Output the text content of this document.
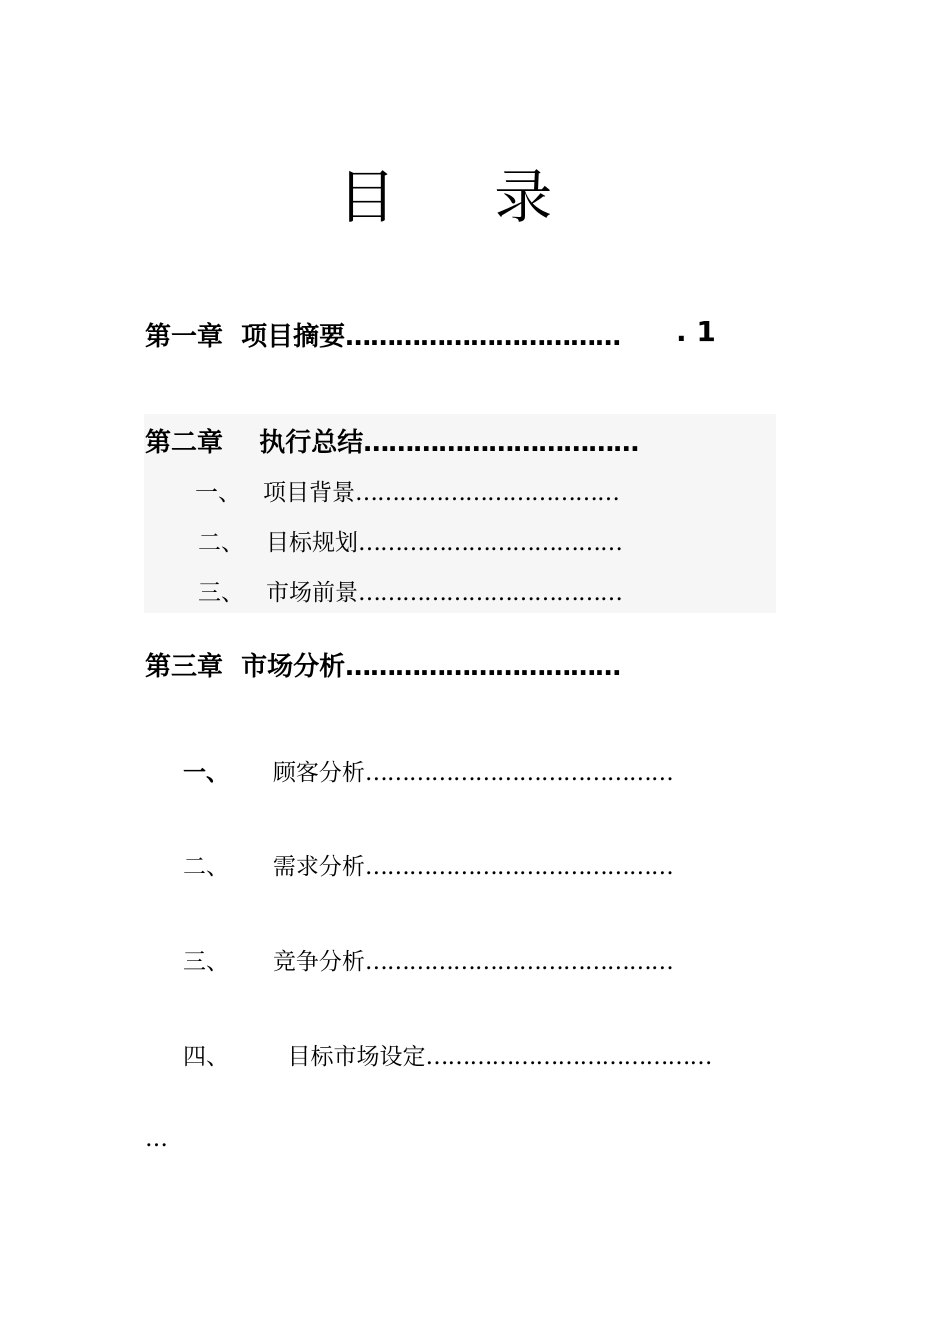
目 录
第一章 项目摘要…………………………… . 1
第二章 执行总结……………………………
一、 项目背景………………………………
二、 目标规划………………………………
三、 市场前景………………………………
第三章 市场分析……………………………
一、 顾客分析……………………………………
二、 需求分析……………………………………
三、 竞争分析……………………………………
四、	目标市场设定…………………………………
…
